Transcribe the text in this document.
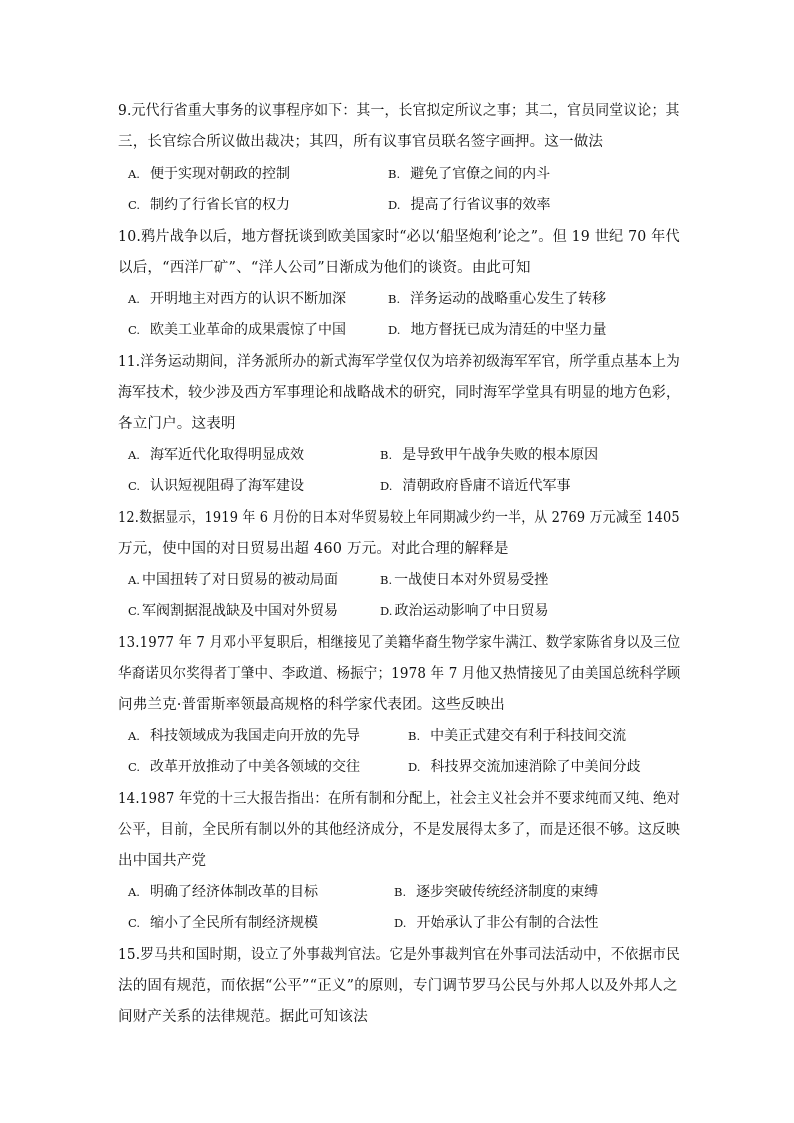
9.元代行省重大事务的议事程序如下：其一，长官拟定所议之事；其二，官员同堂议论；其
三，长官综合所议做出裁决；其四，所有议事官员联名签字画押。这一做法
A. 便于实现对朝政的控制	B. 避免了官僚之间的内斗
C. 制约了行省长官的权力	D. 提高了行省议事的效率
10.鸦片战争以后，地方督抚谈到欧美国家时“必以‘船坚炮利’论之”。但 19 世纪 70 年代
以后，“西洋厂矿”、“洋人公司”日渐成为他们的谈资。由此可知
A. 开明地主对西方的认识不断加深	B. 洋务运动的战略重心发生了转移
C. 欧美工业革命的成果震惊了中国	D. 地方督抚已成为清廷的中坚力量
11.洋务运动期间，洋务派所办的新式海军学堂仅仅为培养初级海军军官，所学重点基本上为
海军技术，较少涉及西方军事理论和战略战术的研究，同时海军学堂具有明显的地方色彩，
各立门户。这表明
A. 海军近代化取得明显成效	B. 是导致甲午战争失败的根本原因
C. 认识短视阻碍了海军建设	D. 清朝政府昏庸不谙近代军事
12.数据显示，1919 年 6 月份的日本对华贸易较上年同期减少约一半，从 2769 万元减至 1405
万元，使中国的对日贸易出超 460 万元。对此合理的解释是
A. 中国扭转了对日贸易的被动局面	B. 一战使日本对外贸易受挫
C. 军阀割据混战缺及中国对外贸易	D. 政治运动影响了中日贸易
13.1977 年 7 月邓小平复职后，相继接见了美籍华裔生物学家牛满江、数学家陈省身以及三位
华裔诺贝尔奖得者丁肇中、李政道、杨振宁；1978 年 7 月他又热情接见了由美国总统科学顾
问弗兰克·普雷斯率领最高规格的科学家代表团。这些反映出
A. 科技领域成为我国走向开放的先导	B. 中美正式建交有利于科技间交流
C. 改革开放推动了中美各领域的交往	D. 科技界交流加速消除了中美间分歧
14.1987 年党的十三大报告指出：在所有制和分配上，社会主义社会并不要求纯而又纯、绝对
公平，目前，全民所有制以外的其他经济成分，不是发展得太多了，而是还很不够。这反映
出中国共产党
A. 明确了经济体制改革的目标	B. 逐步突破传统经济制度的束缚
C. 缩小了全民所有制经济规模	D. 开始承认了非公有制的合法性
15.罗马共和国时期，设立了外事裁判官法。它是外事裁判官在外事司法活动中，不依据市民
法的固有规范，而依据“公平”“正义”的原则，专门调节罗马公民与外邦人以及外邦人之
间财产关系的法律规范。据此可知该法
